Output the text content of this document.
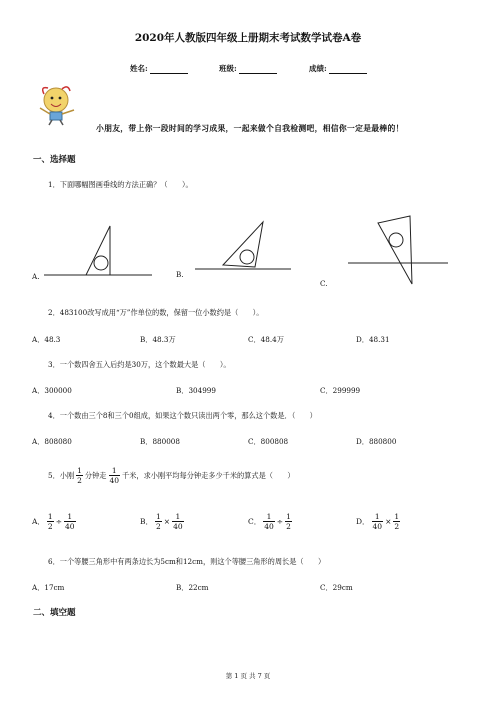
2020年人教版四年级上册期末考试数学试卷A卷
姓名:	班级:	成绩:
小朋友，带上你一段时间的学习成果，一起来做个自我检测吧，相信你一定是最棒的！
一、选择题
1．下面哪幅图画垂线的方法正确？（　　）。
A.	B.
C.
2．483100改写成用“万”作单位的数，保留一位小数约是（　　）。
A．48.3	B．48.3万	C．48.4万	D．48.31
3．一个数四舍五入后约是30万，这个数最大是（　　）。
A．300000	B．304999	C．299999
4．一个数由三个8和三个0组成，如果这个数只读出两个零，那么这个数是．（　　）
A．808080	B．880008	C．800808	D．880800
5．小刚 $\frac{1}{2}$ 分钟走 $\frac{1}{40}$ 千米，求小刚平均每分钟走多少千米的算式是（　　）
A． $\frac{1}{2} \div \frac{1}{40}$	B． $\frac{1}{2} \times \frac{1}{40}$	C． $\frac{1}{40} \div \frac{1}{2}$	D． $\frac{1}{40} \times \frac{1}{2}$
6．一个等腰三角形中有两条边长为5cm和12cm，则这个等腰三角形的周长是（　　）
A．17cm	B．22cm	C．29cm
二、填空题
第 1 页 共 7 页
